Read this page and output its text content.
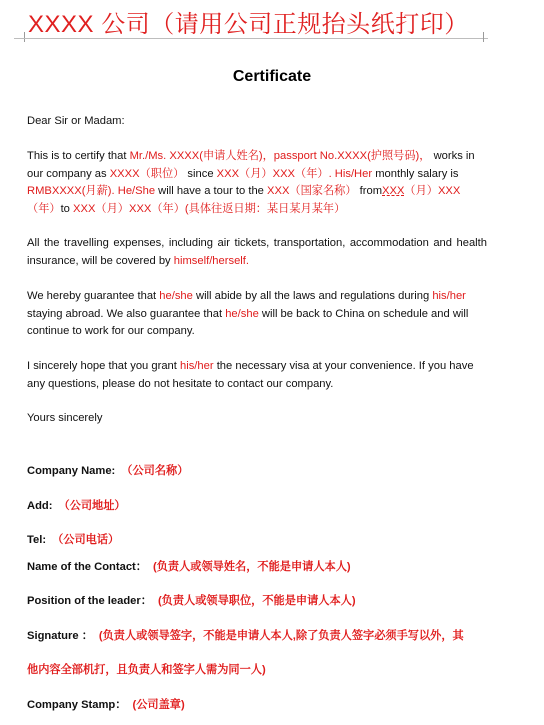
XXXX 公司（请用公司正规抬头纸打印）
Certificate
Dear Sir or Madam:
This is to certify that Mr./Ms. XXXX(申请人姓名)，passport No.XXXX(护照号码)， works in our company as XXXX（职位） since XXX（月）XXX（年）. His/Her monthly salary is RMBXXXX(月薪). He/She will have a tour to the XXX（国家名称） fromXXX（月）XXX（年）to XXX（月）XXX（年）(具体往返日期：某日某月某年）
All the travelling expenses, including air tickets, transportation, accommodation and health insurance, will be covered by himself/herself.
We hereby guarantee that he/she will abide by all the laws and regulations during his/her staying abroad. We also guarantee that he/she will be back to China on schedule and will continue to work for our company.
I sincerely hope that you grant his/her the necessary visa at your convenience. If you have any questions, please do not hesitate to contact our company.
Yours sincerely
Company Name: （公司名称）
Add: （公司地址）
Tel: （公司电话）
Name of the Contact： (负责人或领导姓名，不能是申请人本人)
Position of the leader： (负责人或领导职位，不能是申请人本人)
Signature ： (负责人或领导签字，不能是申请人本人,除了负责人签字必须手写以外，其
他内容全部机打，且负责人和签字人需为同一人)
Company Stamp： (公司盖章)
